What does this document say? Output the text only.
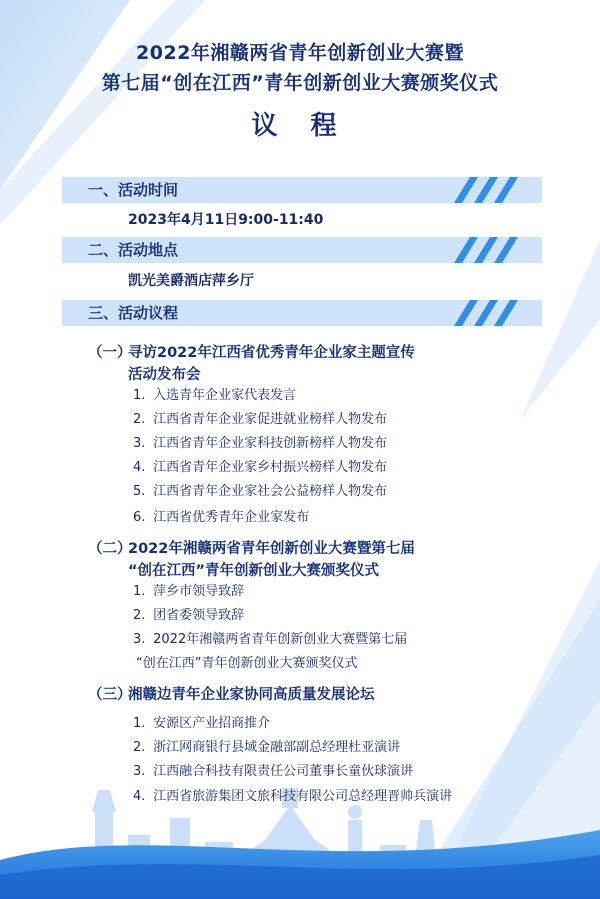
2022年湘赣两省青年创新创业大赛暨
第七届“创在江西”青年创新创业大赛颁奖仪式
议 程
一、活动时间
2023年4月11日9:00-11:40
二、活动地点
凯光美爵酒店萍乡厅
三、活动议程
（一）寻访2022年江西省优秀青年企业家主题宣传
活动发布会
1. 入选青年企业家代表发言
2. 江西省青年企业家促进就业榜样人物发布
3. 江西省青年企业家科技创新榜样人物发布
4. 江西省青年企业家乡村振兴榜样人物发布
5. 江西省青年企业家社会公益榜样人物发布
6. 江西省优秀青年企业家发布
（二）2022年湘赣两省青年创新创业大赛暨第七届
“创在江西”青年创新创业大赛颁奖仪式
1. 萍乡市领导致辞
2. 团省委领导致辞
3. 2022年湘赣两省青年创新创业大赛暨第七届
“创在江西”青年创新创业大赛颁奖仪式
（三）湘赣边青年企业家协同高质量发展论坛
1. 安源区产业招商推介
2. 浙江网商银行县域金融部副总经理杜亚演讲
3. 江西融合科技有限责任公司董事长童伙球演讲
4. 江西省旅游集团文旅科技有限公司总经理晋帅兵演讲
